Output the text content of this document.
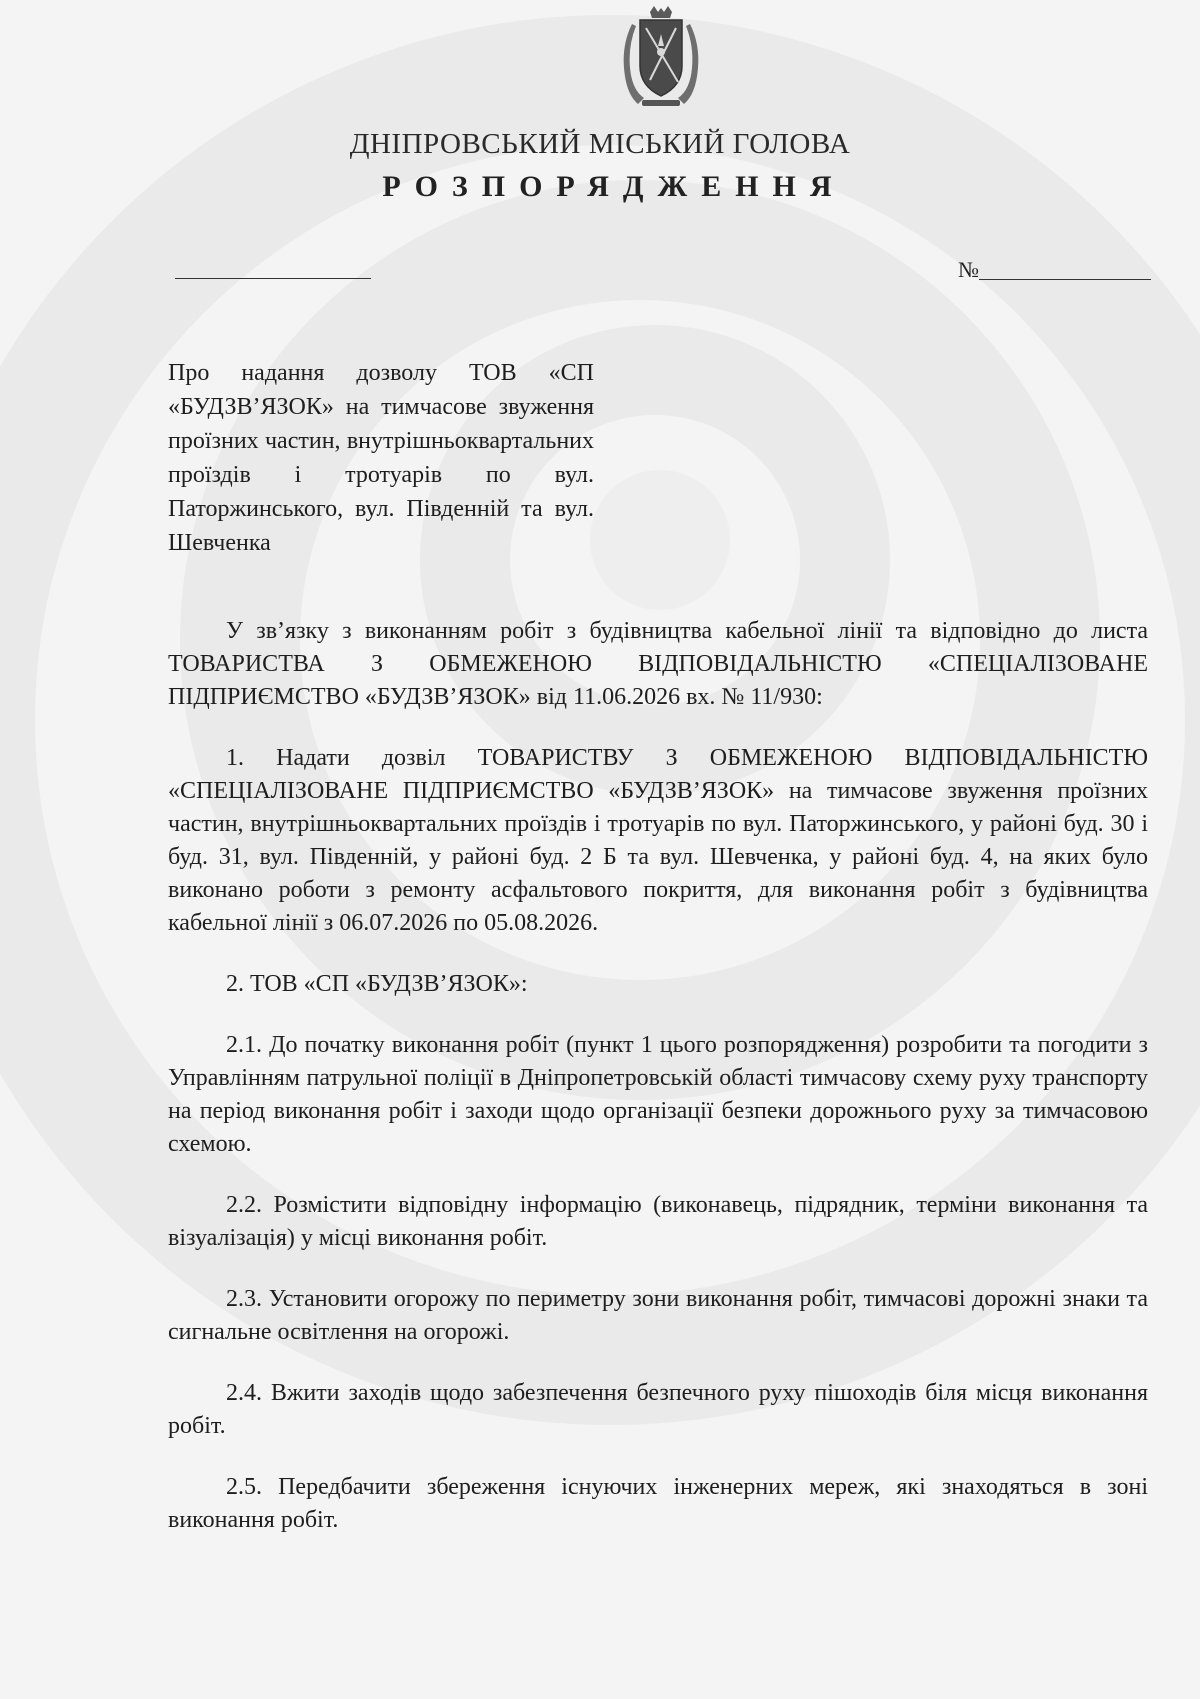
ДНІПРОВСЬКИЙ МІСЬКИЙ ГОЛОВА
РОЗПОРЯДЖЕННЯ
№

Про надання дозволу ТОВ «СП «БУДЗВ’ЯЗОК» на тимчасове звуження проїзних частин, внутрішньоквартальних проїздів і тротуарів по вул. Паторжинського, вул. Південній та вул. Шевченка

У зв’язку з виконанням робіт з будівництва кабельної лінії та відповідно до листа ТОВАРИСТВА З ОБМЕЖЕНОЮ ВІДПОВІДАЛЬНІСТЮ «СПЕЦІАЛІЗОВАНЕ ПІДПРИЄМСТВО «БУДЗВ’ЯЗОК» від 11.06.2026 вх. № 11/930:

1. Надати дозвіл ТОВАРИСТВУ З ОБМЕЖЕНОЮ ВІДПОВІДАЛЬНІСТЮ «СПЕЦІАЛІЗОВАНЕ ПІДПРИЄМСТВО «БУДЗВ’ЯЗОК» на тимчасове звуження проїзних частин, внутрішньоквартальних проїздів і тротуарів по вул. Паторжинського, у районі буд. 30 і буд. 31, вул. Південній, у районі буд. 2 Б та вул. Шевченка, у районі буд. 4, на яких було виконано роботи з ремонту асфальтового покриття, для виконання робіт з будівництва кабельної лінії з 06.07.2026 по 05.08.2026.

2. ТОВ «СП «БУДЗВ’ЯЗОК»:

2.1. До початку виконання робіт (пункт 1 цього розпорядження) розробити та погодити з Управлінням патрульної поліції в Дніпропетровській області тимчасову схему руху транспорту на період виконання робіт і заходи щодо організації безпеки дорожнього руху за тимчасовою схемою.

2.2. Розмістити відповідну інформацію (виконавець, підрядник, терміни виконання та візуалізація) у місці виконання робіт.

2.3. Установити огорожу по периметру зони виконання робіт, тимчасові дорожні знаки та сигнальне освітлення на огорожі.

2.4. Вжити заходів щодо забезпечення безпечного руху пішоходів біля місця виконання робіт.

2.5. Передбачити збереження існуючих інженерних мереж, які знаходяться в зоні виконання робіт.
